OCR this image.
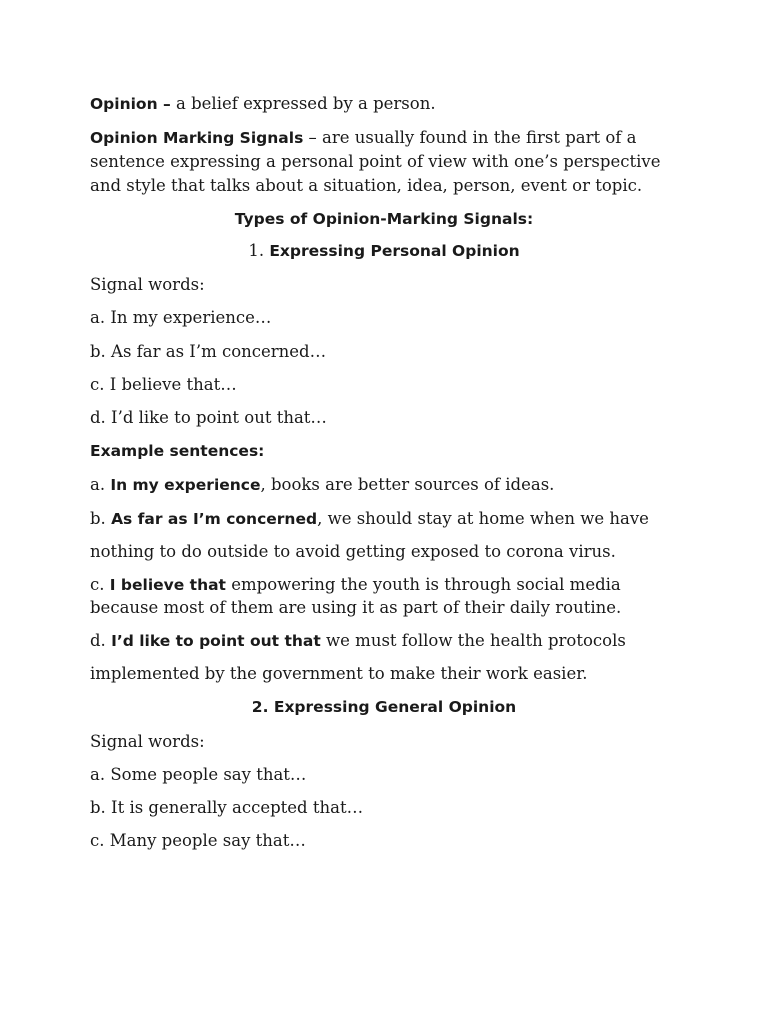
Opinion – a belief expressed by a person.
Opinion Marking Signals – are usually found in the first part of a
sentence expressing a personal point of view with one’s perspective
and style that talks about a situation, idea, person, event or topic.
Types of Opinion-Marking Signals:
1. Expressing Personal Opinion
Signal words:
a. In my experience…
b. As far as I’m concerned…
c. I believe that…
d. I’d like to point out that…
Example sentences:
a. In my experience, books are better sources of ideas.
b. As far as I’m concerned, we should stay at home when we have
nothing to do outside to avoid getting exposed to corona virus.
c. I believe that empowering the youth is through social media
because most of them are using it as part of their daily routine.
d. I’d like to point out that we must follow the health protocols
implemented by the government to make their work easier.
2. Expressing General Opinion
Signal words:
a. Some people say that…
b. It is generally accepted that…
c. Many people say that…
